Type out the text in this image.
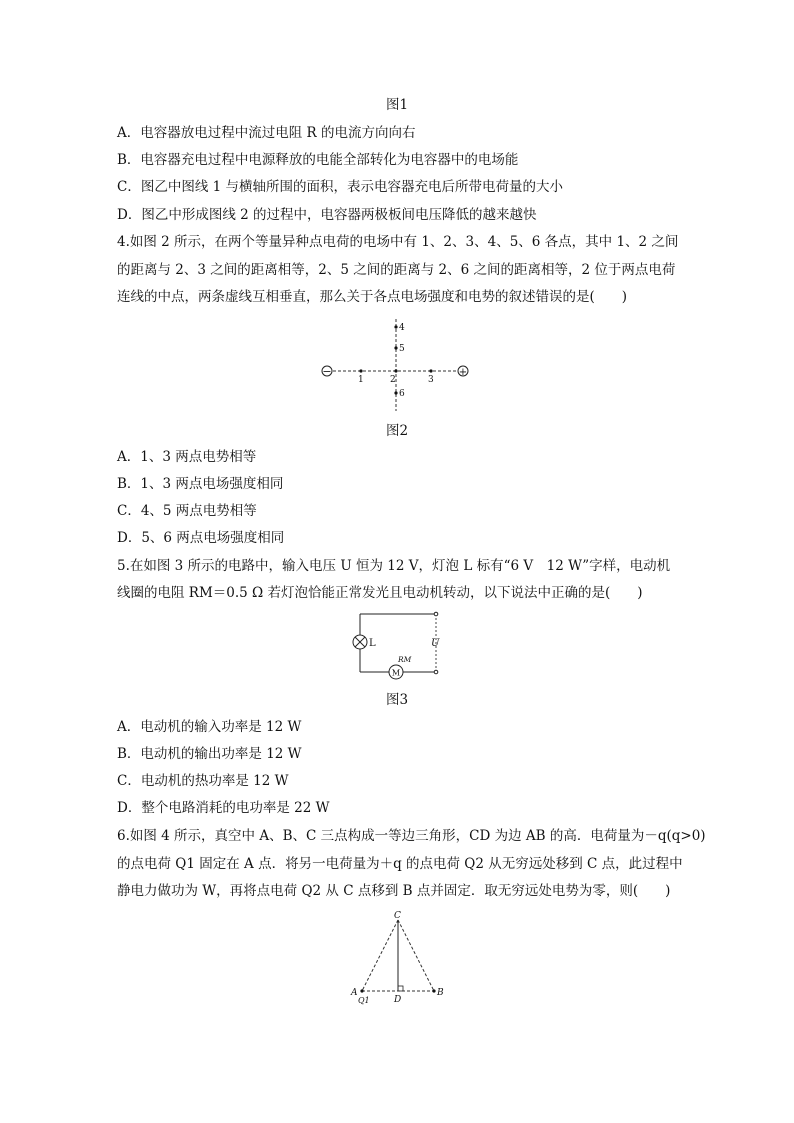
图1
A．电容器放电过程中流过电阻 R 的电流方向向右
B．电容器充电过程中电源释放的电能全部转化为电容器中的电场能
C．图乙中图线 1 与横轴所围的面积，表示电容器充电后所带电荷量的大小
D．图乙中形成图线 2 的过程中，电容器两极板间电压降低的越来越快
4.如图 2 所示，在两个等量异种点电荷的电场中有 1、2、3、4、5、6 各点，其中 1、2 之间
的距离与 2、3 之间的距离相等，2、5 之间的距离与 2、6 之间的距离相等，2 位于两点电荷
连线的中点，两条虚线互相垂直，那么关于各点电场强度和电势的叙述错误的是(　　)
−	+
1	2	3
4
5
6
图2
A．1、3 两点电势相等
B．1、3 两点电场强度相同
C．4、5 两点电势相等
D．5、6 两点电场强度相同
5.在如图 3 所示的电路中，输入电压 U 恒为 12 V，灯泡 L 标有“6 V　12 W”字样，电动机
线圈的电阻 RM＝0.5 Ω 若灯泡恰能正常发光且电动机转动，以下说法中正确的是(　　)
L	U
M
RM
图3
A．电动机的输入功率是 12 W
B．电动机的输出功率是 12 W
C．电动机的热功率是 12 W
D．整个电路消耗的电功率是 22 W
6.如图 4 所示，真空中 A、B、C 三点构成一等边三角形，CD 为边 AB 的高．电荷量为－q(q>0)
的点电荷 Q1 固定在 A 点．将另一电荷量为＋q 的点电荷 Q2 从无穷远处移到 C 点，此过程中
静电力做功为 W，再将点电荷 Q2 从 C 点移到 B 点并固定．取无穷远处电势为零，则(　　)
C
A	B
D
Q1
